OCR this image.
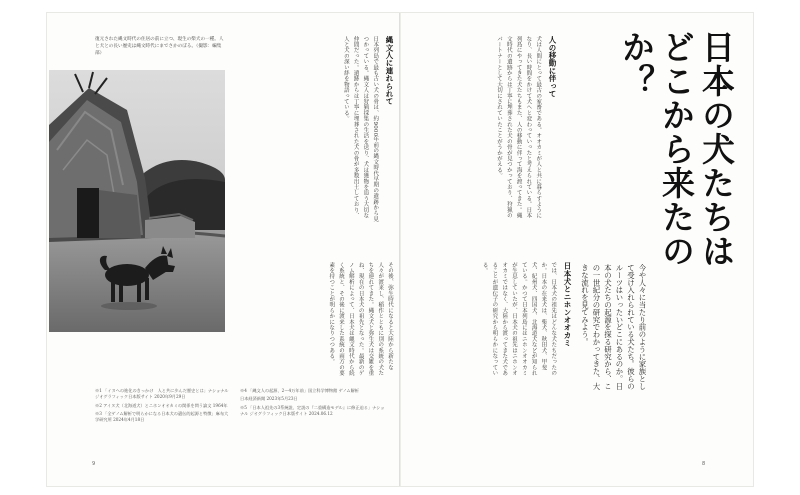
日本の犬たちはどこから来たのか？

今や人々に当たり前のように家族として受け入れられている犬たち。彼らのルーツはいったいどこにあるのか。日本の犬たちの起源を探る研究から、この一世紀分の研究でわかってきた、大きな流れを見てみよう。

人の移動に伴って

犬は人間にとって最古の家畜である。オオカミが人と共に暮らすようになり、長い時間をかけて犬へと変わっていったと考えられている。日本列島にやってきた犬たちもまた、人の移動に伴って海を渡ってきた。縄文時代の遺跡からは丁寧に埋葬された犬の骨が見つかっており、狩猟のパートナーとして大切にされていたことがうかがえる。

日本犬とニホンオオカミ

では、日本犬の祖先はどんな犬たちだったのか。日本の在来犬は、柴犬、秋田犬、甲斐犬、紀州犬、四国犬、北海道犬などが知られている。かつて日本列島にはニホンオオカミが生息していたが、日本犬の祖先はニホンオオカミではなく、大陸から渡ってきた犬であることが遺伝子の研究から明らかになっている。

縄文人に連れられて

日本列島で最も古い犬の骨は、約9000年前の縄文時代早期の遺跡から見つかっている。縄文人は狩猟採集の生活を送り、犬は獲物を追う大切な仲間だった。遺跡からは丁寧に埋葬された犬の骨が多数出土しており、人と犬の深い絆を物語っている。

その後、弥生時代になると大陸から新たな人々が渡来し、稲作とともに別の系統の犬たちを連れてきた。縄文犬と弥生犬は交雑を重ね、現在の日本犬の祖先となった。最新のゲノム解析によって、日本犬は縄文時代から続く系統と、その後に渡来した系統の両方の要素を持つことが明らかになりつつある。

復元された縄文時代の住居の前に立つ、現生の柴犬の一種。人と犬との長い歴史は縄文時代にまでさかのぼる。（撮影：編集部）

※1 「イヌへの進化のきっかけ　人と共に歩んだ歴史とは」ナショナル ジオグラフィック日本版サイト 2020年9月29日
※2 アイヌ犬（北海道犬）とニホンオオカミの関係を問う論文 1964年
※3 「全ゲノム解析で明らかになる日本犬の遺伝的起源と特徴」麻布大学研究所 2024年4月18日
※4 「縄文人の起源、2〜4万年前」国立科学博物館 ゲノム解析
日本経済新聞 2023年5月23日
※5 「日本人祖先の3系統説、定説の『二重構造モデル』に修正迫る」ナショナル ジオグラフィック日本版サイト 2024.06.12

9	8
